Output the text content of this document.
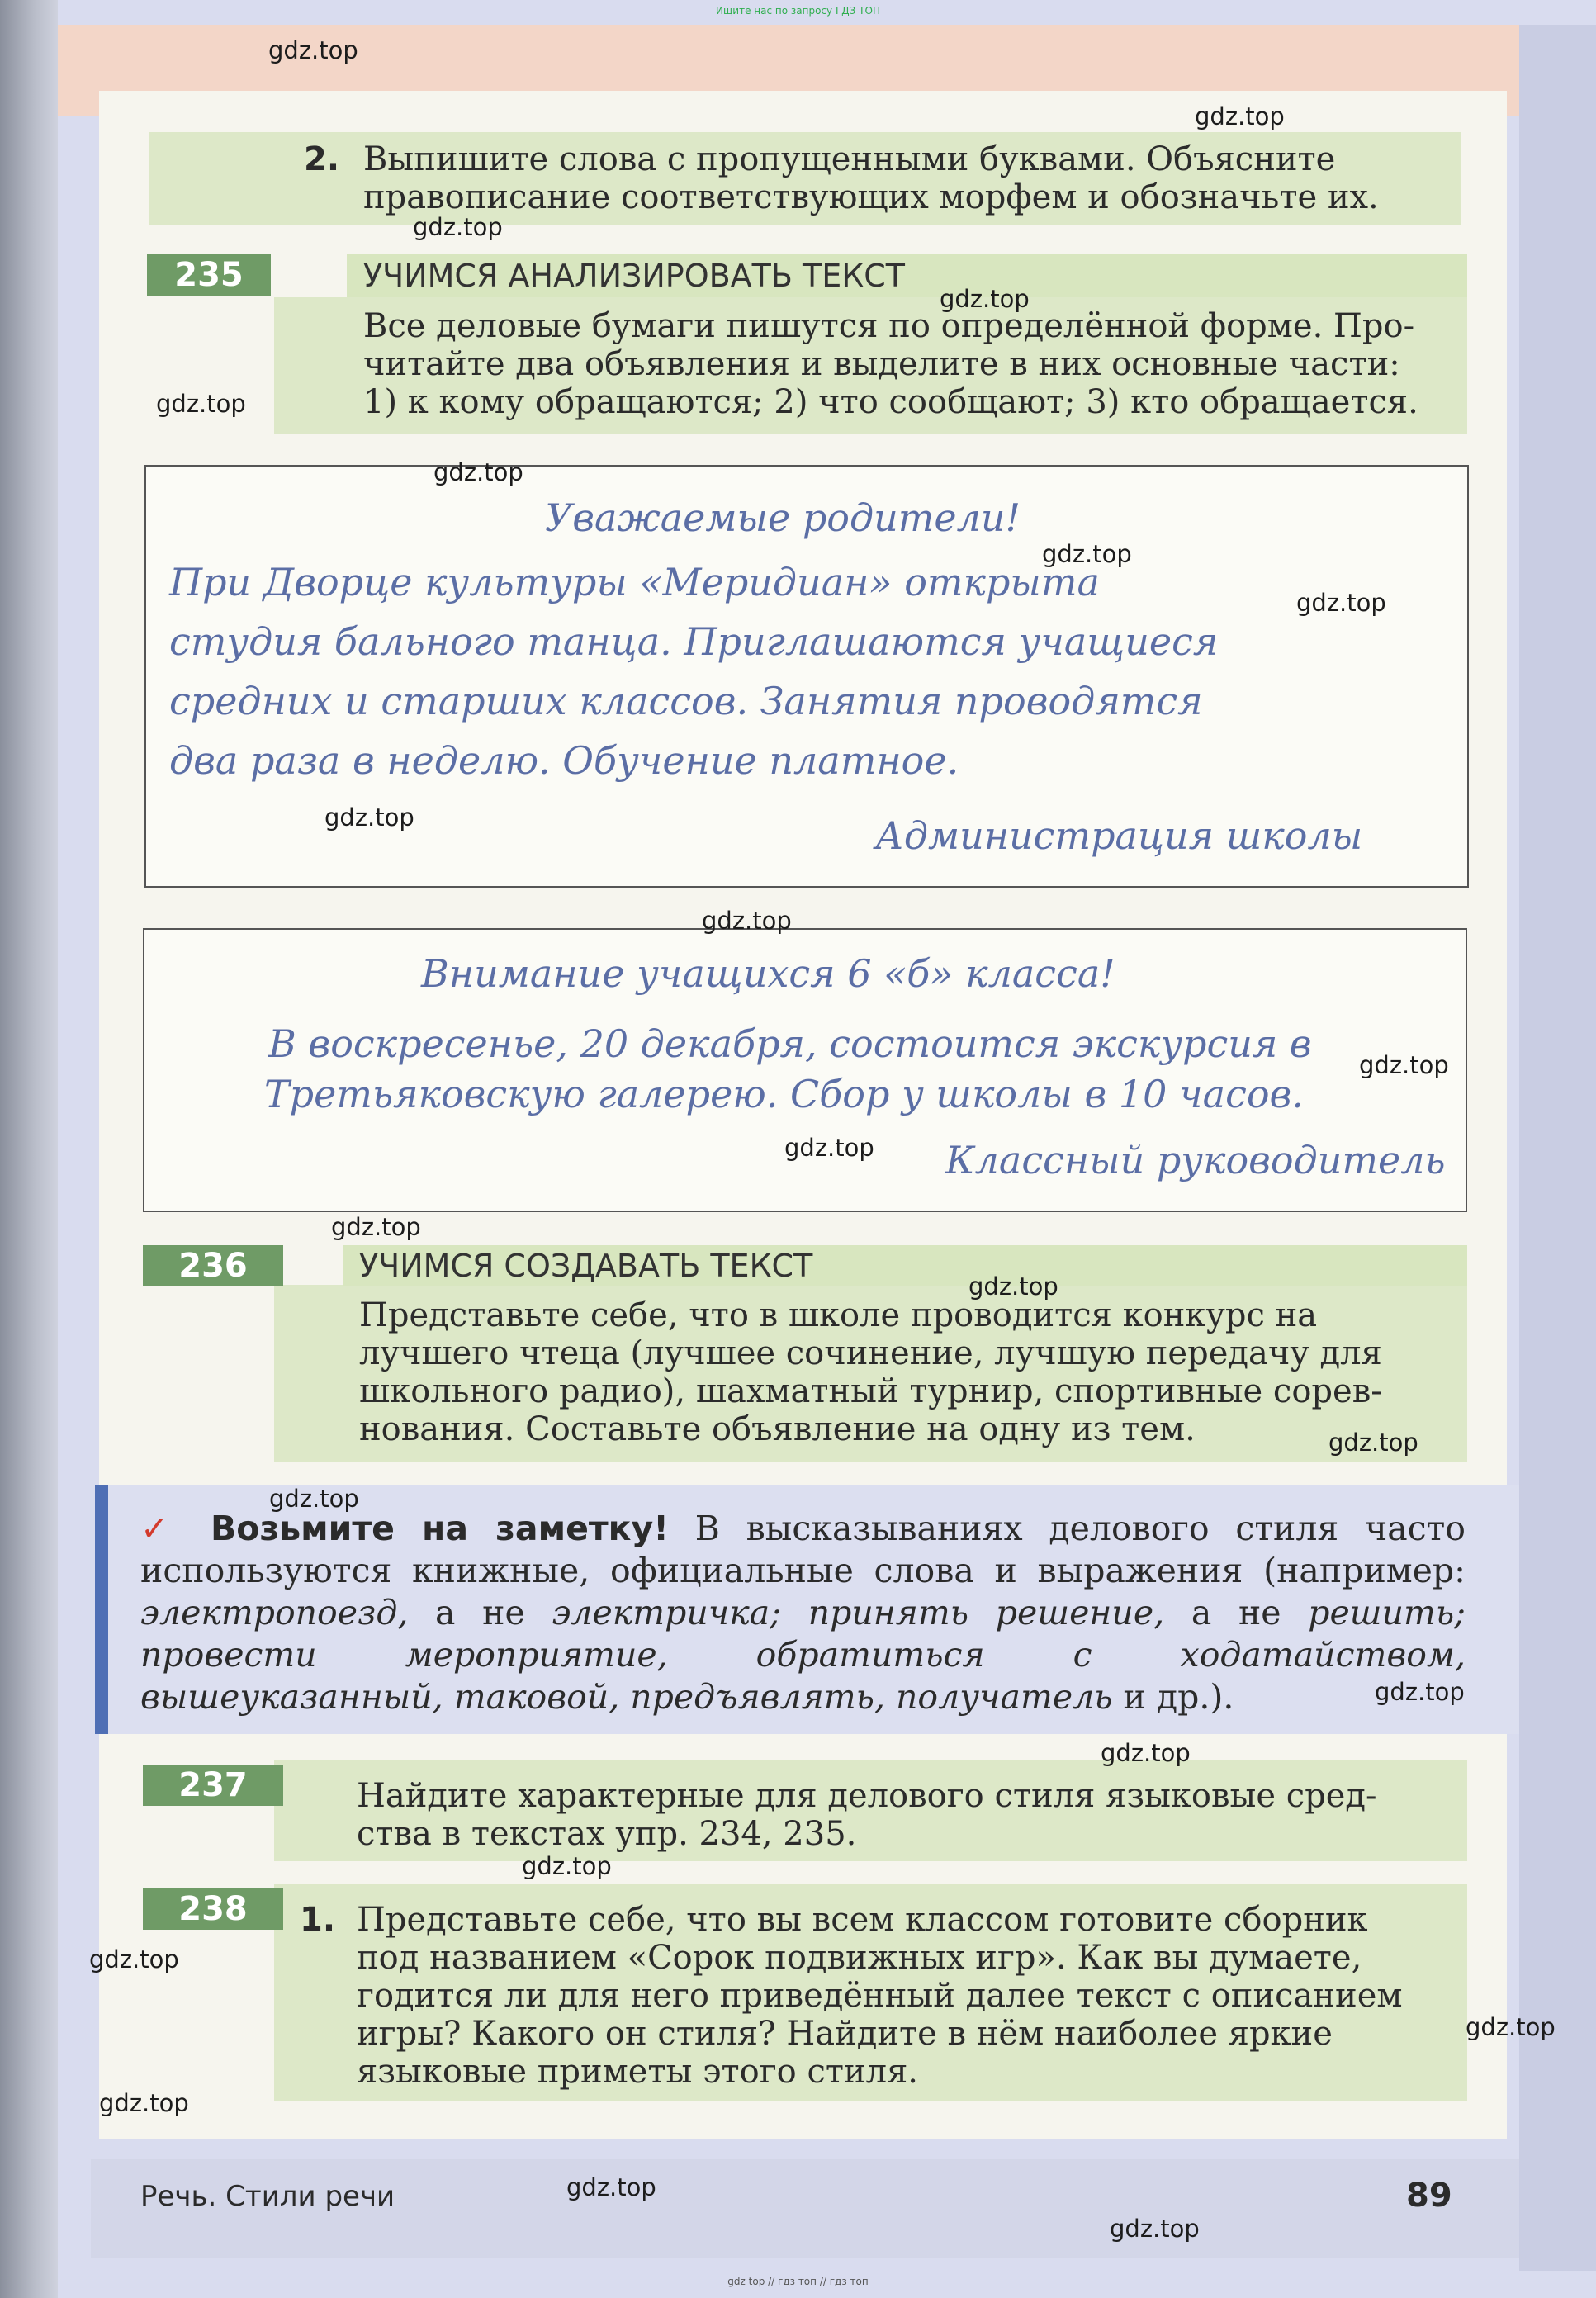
Ищите нас по запросу ГДЗ ТОП
2. Выпишите слова с пропущенными буквами. Объясните
правописание соответствующих морфем и обозначьте их.
235	УЧИМСЯ АНАЛИЗИРОВАТЬ ТЕКСТ
Все деловые бумаги пишутся по определённой форме. Про-
читайте два объявления и выделите в них основные части:
1) к кому обращаются; 2) что сообщают; 3) кто обращается.
Уважаемые родители!
При Дворце культуры «Меридиан» открыта
студия бального танца. Приглашаются учащиеся
средних и старших классов. Занятия проводятся
два раза в неделю. Обучение платное.
Администрация школы
Внимание учащихся 6 «б» класса!
В воскресенье, 20 декабря, состоится экскурсия в
Третьяковскую галерею. Сбор у школы в 10 часов.
Классный руководитель
236	УЧИМСЯ СОЗДАВАТЬ ТЕКСТ
Представьте себе, что в школе проводится конкурс на
лучшего чтеца (лучшее сочинение, лучшую передачу для
школьного радио), шахматный турнир, спортивные сорев-
нования. Составьте объявление на одну из тем.
✓ Возьмите на заметку! В высказываниях делового стиля часто используются книжные, официальные слова и выражения (например: электропоезд, а не электричка; принять решение, а не решить; провести мероприятие, обратиться с ходатайством, вышеуказанный, таковой, предъявлять, получатель и др.).
237	Найдите характерные для делового стиля языковые сред-
ства в текстах упр. 234, 235.
238	1. Представьте себе, что вы всем классом готовите сборник
под названием «Сорок подвижных игр». Как вы думаете,
годится ли для него приведённый далее текст с описанием
игры? Какого он стиля? Найдите в нём наиболее яркие
языковые приметы этого стиля.
Речь. Стили речи	89
gdz.top
gdz.top
gdz.top
gdz.top
gdz.top
gdz.top
gdz.top
gdz.top
gdz.top
gdz.top
gdz.top
gdz.top
gdz.top
gdz.top
gdz.top
gdz.top
gdz.top
gdz.top
gdz.top
gdz.top
gdz.top
gdz.top
gdz.top
gdz.top
gdz top // гдз топ // гдз топ
